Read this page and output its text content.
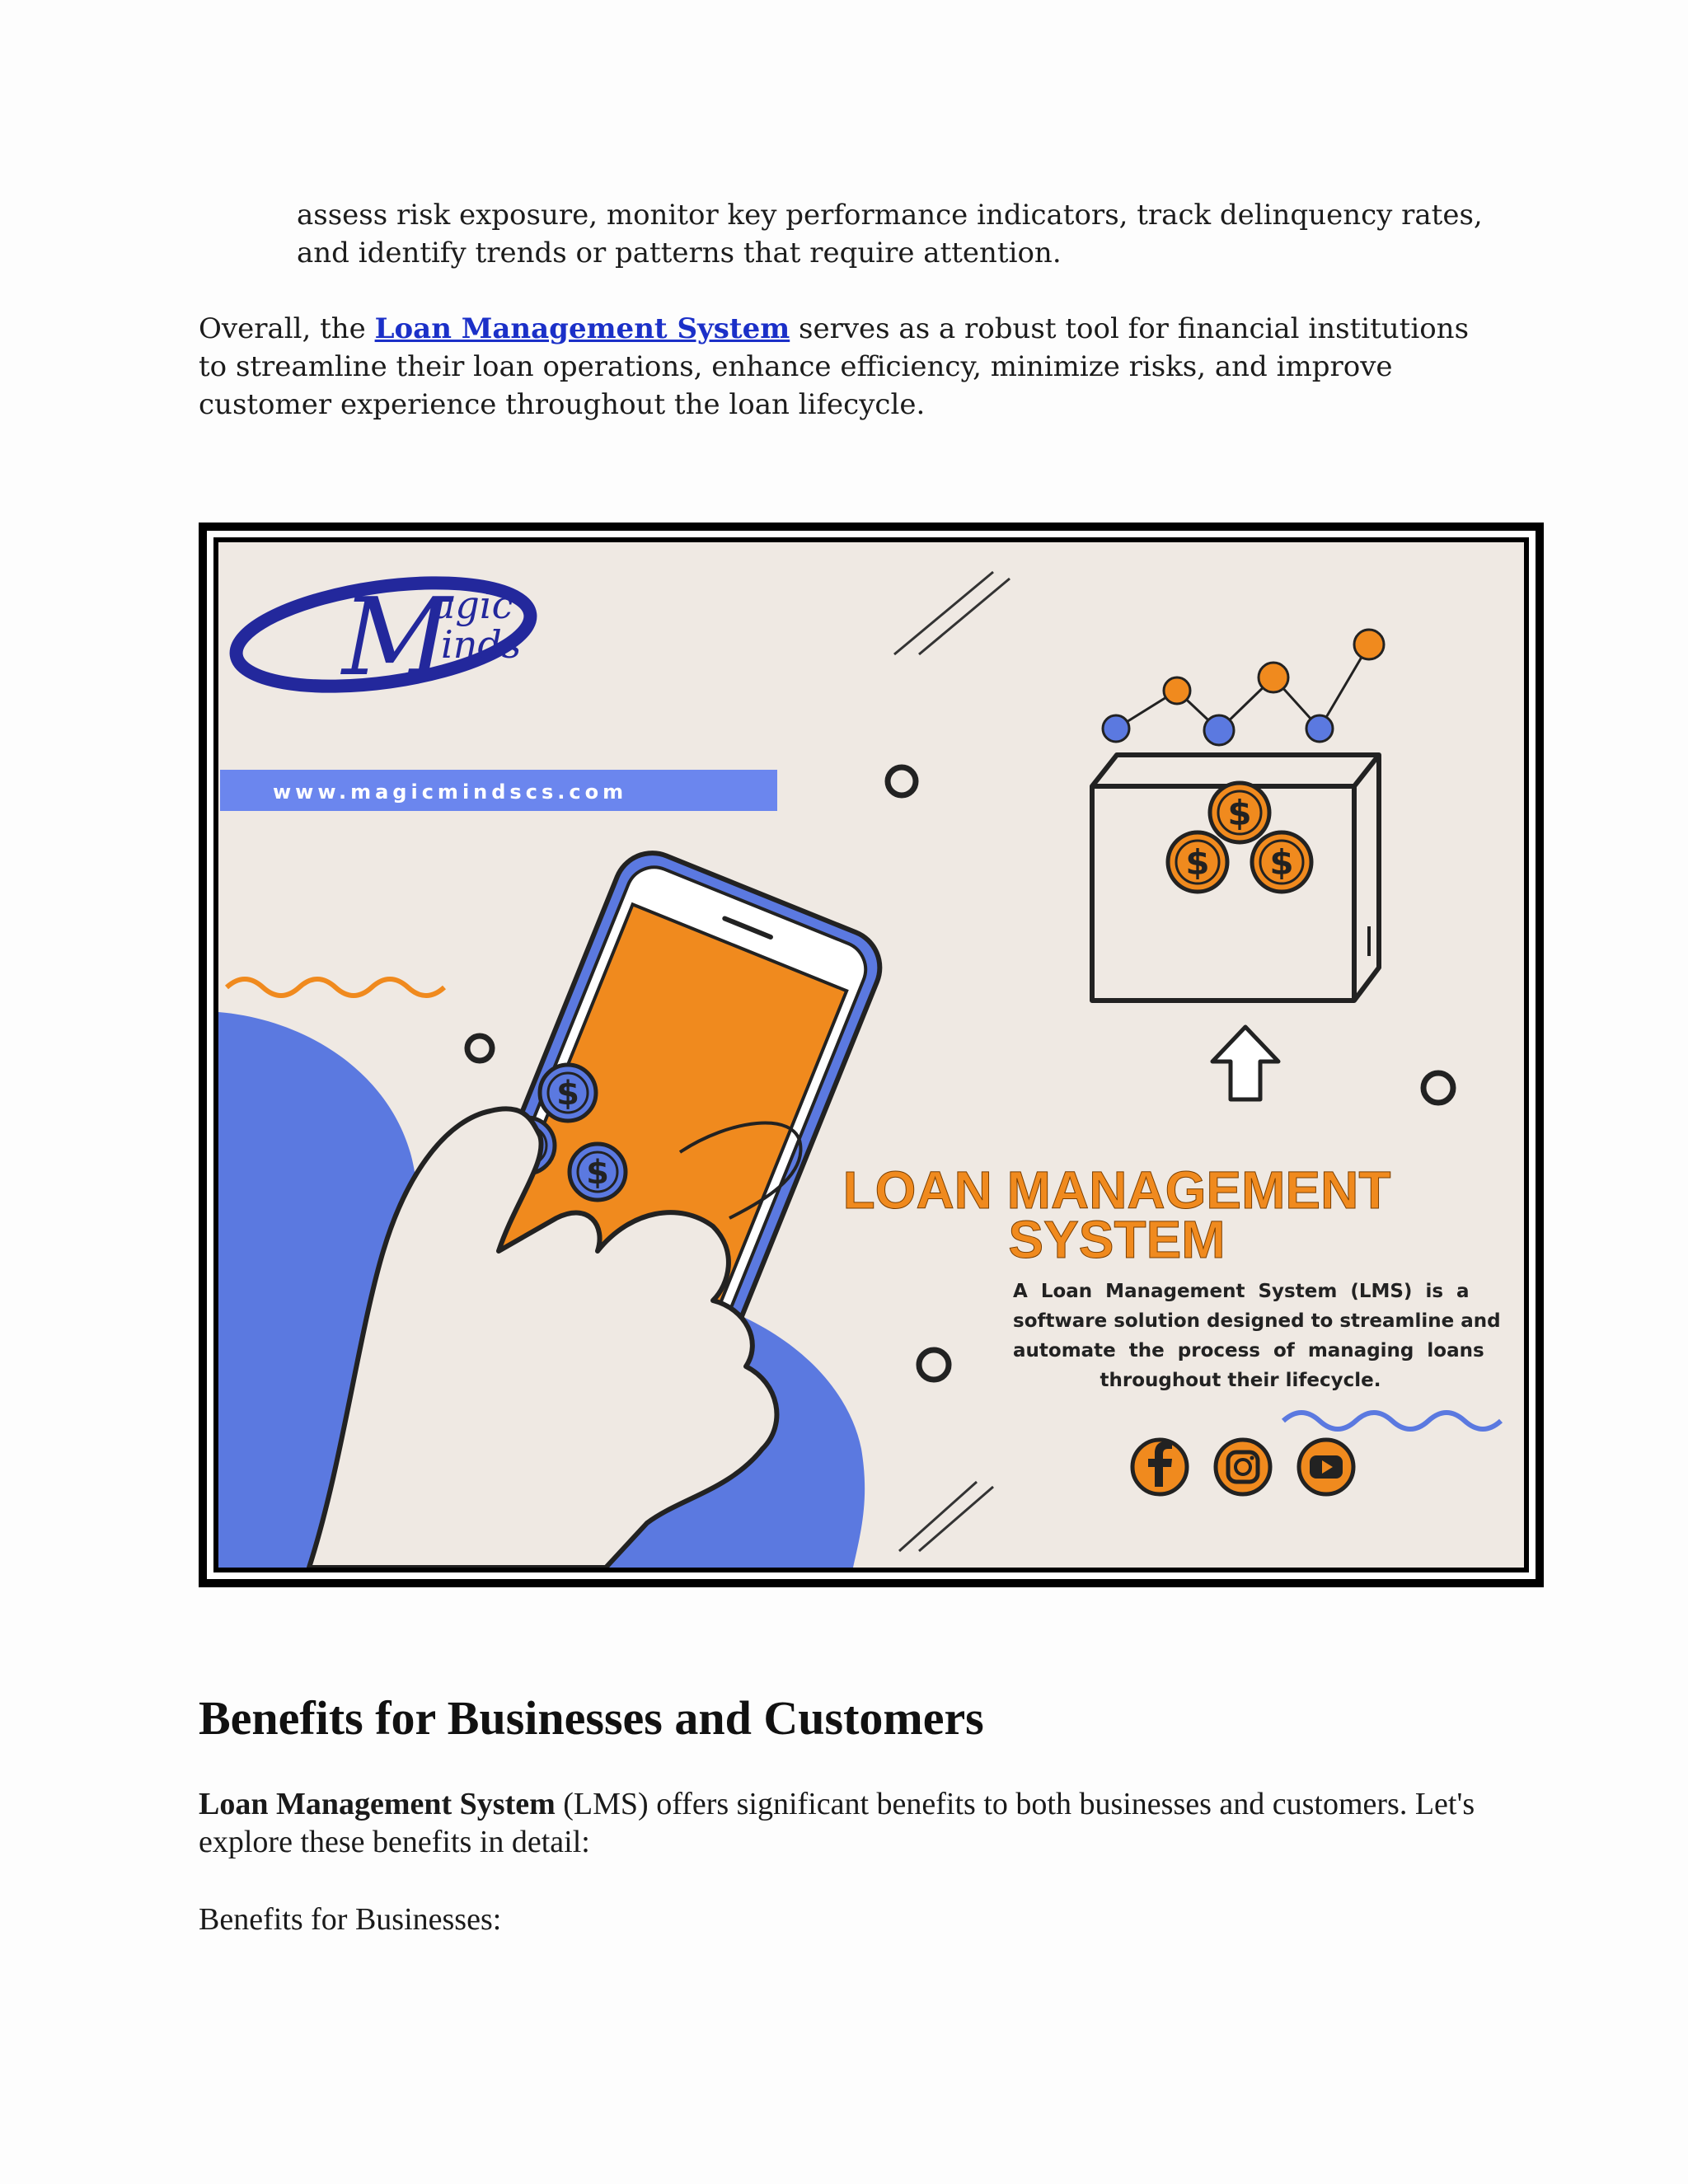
assess risk exposure, monitor key performance indicators, track delinquency rates, and identify trends or patterns that require attention.

Overall, the Loan Management System serves as a robust tool for financial institutions to streamline their loan operations, enhance efficiency, minimize risks, and improve customer experience throughout the loan lifecycle.

M
agic
inds
www.magicmindscs.com
$
$ $
$
$	LOAN MANAGEMENT
SYSTEM
A  Loan  Management  System  (LMS)  is  a
software solution designed to streamline and
automate  the  process  of  managing  loans
throughout their lifecycle.
Benefits for Businesses and Customers

Loan Management System (LMS) offers significant benefits to both businesses and customers. Let's explore these benefits in detail:

Benefits for Businesses:
